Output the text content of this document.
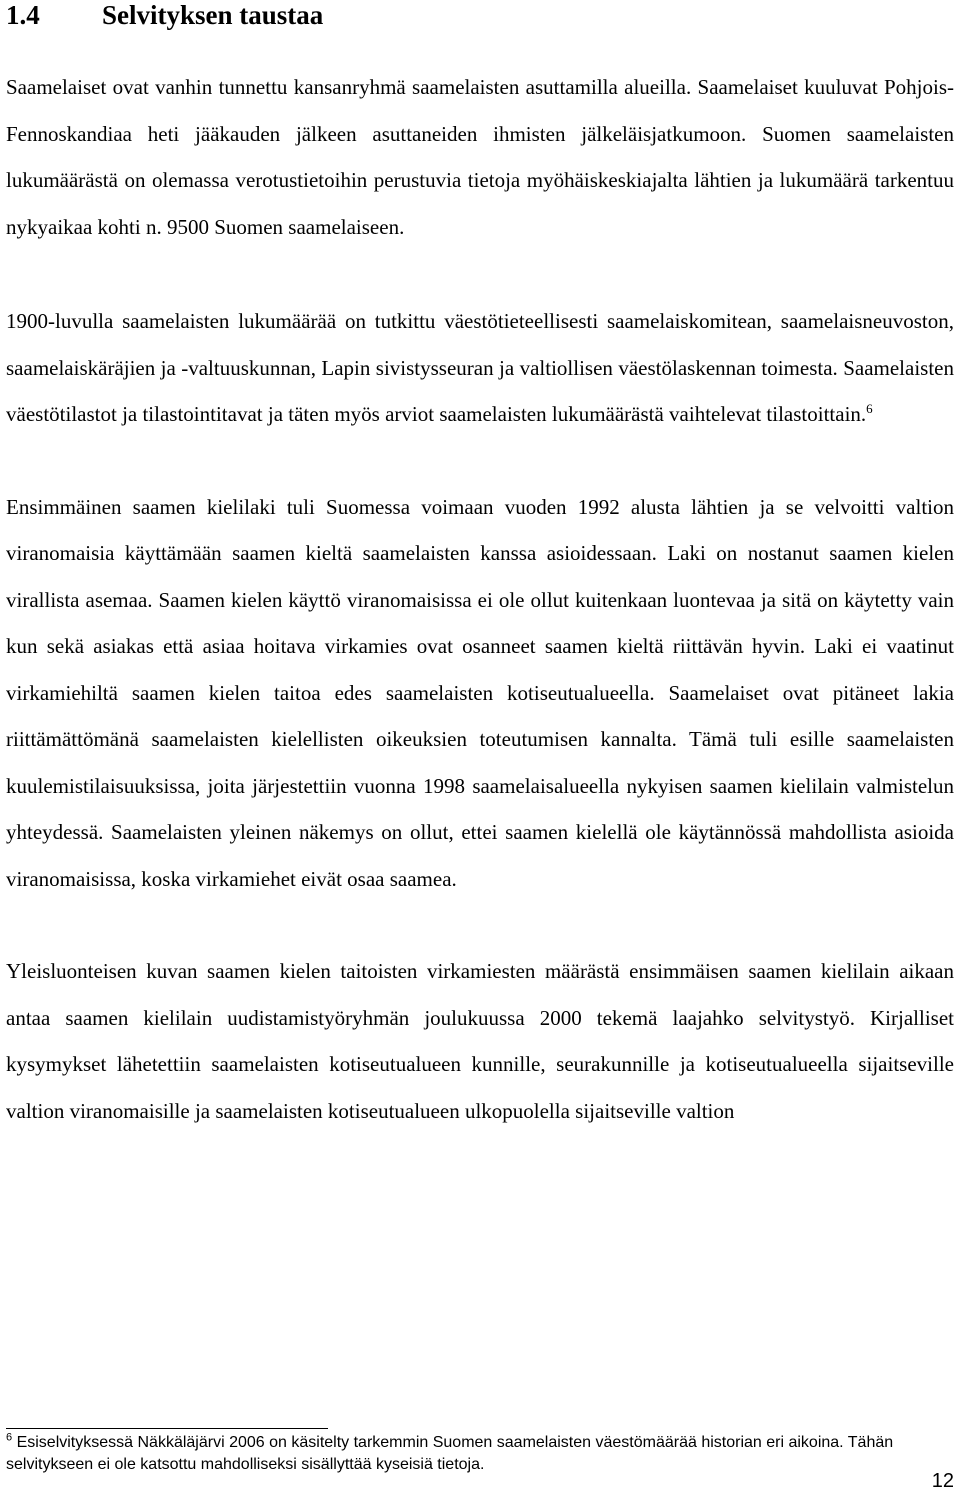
1.4 Selvityksen taustaa

Saamelaiset ovat vanhin tunnettu kansanryhmä saamelaisten asuttamilla alueilla. Saamelaiset kuuluvat Pohjois-Fennoskandiaa heti jääkauden jälkeen asuttaneiden ihmisten jälkeläisjatkumoon. Suomen saamelaisten lukumäärästä on olemassa verotustietoihin perustuvia tietoja myöhäiskeskiajalta lähtien ja lukumäärä tarkentuu nykyaikaa kohti n. 9500 Suomen saamelaiseen.

1900-luvulla saamelaisten lukumäärää on tutkittu väestötieteellisesti saamelaiskomitean, saamelaisneuvoston, saamelaiskäräjien ja -valtuuskunnan, Lapin sivistysseuran ja valtiollisen väestölaskennan toimesta. Saamelaisten väestötilastot ja tilastointitavat ja täten myös arviot saamelaisten lukumäärästä vaihtelevat tilastoittain.$^6$

Ensimmäinen saamen kielilaki tuli Suomessa voimaan vuoden 1992 alusta lähtien ja se velvoitti valtion viranomaisia käyttämään saamen kieltä saamelaisten kanssa asioidessaan. Laki on nostanut saamen kielen virallista asemaa. Saamen kielen käyttö viranomaisissa ei ole ollut kuitenkaan luontevaa ja sitä on käytetty vain kun sekä asiakas että asiaa hoitava virkamies ovat osanneet saamen kieltä riittävän hyvin. Laki ei vaatinut virkamiehiltä saamen kielen taitoa edes saamelaisten kotiseutualueella. Saamelaiset ovat pitäneet lakia riittämättömänä saamelaisten kielellisten oikeuksien toteutumisen kannalta. Tämä tuli esille saamelaisten kuulemistilaisuuksissa, joita järjestettiin vuonna 1998 saamelaisalueella nykyisen saamen kielilain valmistelun yhteydessä. Saamelaisten yleinen näkemys on ollut, ettei saamen kielellä ole käytännössä mahdollista asioida viranomaisissa, koska virkamiehet eivät osaa saamea.

Yleisluonteisen kuvan saamen kielen taitoisten virkamiesten määrästä ensimmäisen saamen kielilain aikaan antaa saamen kielilain uudistamistyöryhmän joulukuussa 2000 tekemä laajahko selvitystyö. Kirjalliset kysymykset lähetettiin saamelaisten kotiseutualueen kunnille, seurakunnille ja kotiseutualueella sijaitseville valtion viranomaisille ja saamelaisten kotiseutualueen ulkopuolella sijaitseville valtion

$^6$ Esiselvityksessä Näkkäläjärvi 2006 on käsitelty tarkemmin Suomen saamelaisten väestömäärää historian eri aikoina. Tähän selvitykseen ei ole katsottu mahdolliseksi sisällyttää kyseisiä tietoja.

12
